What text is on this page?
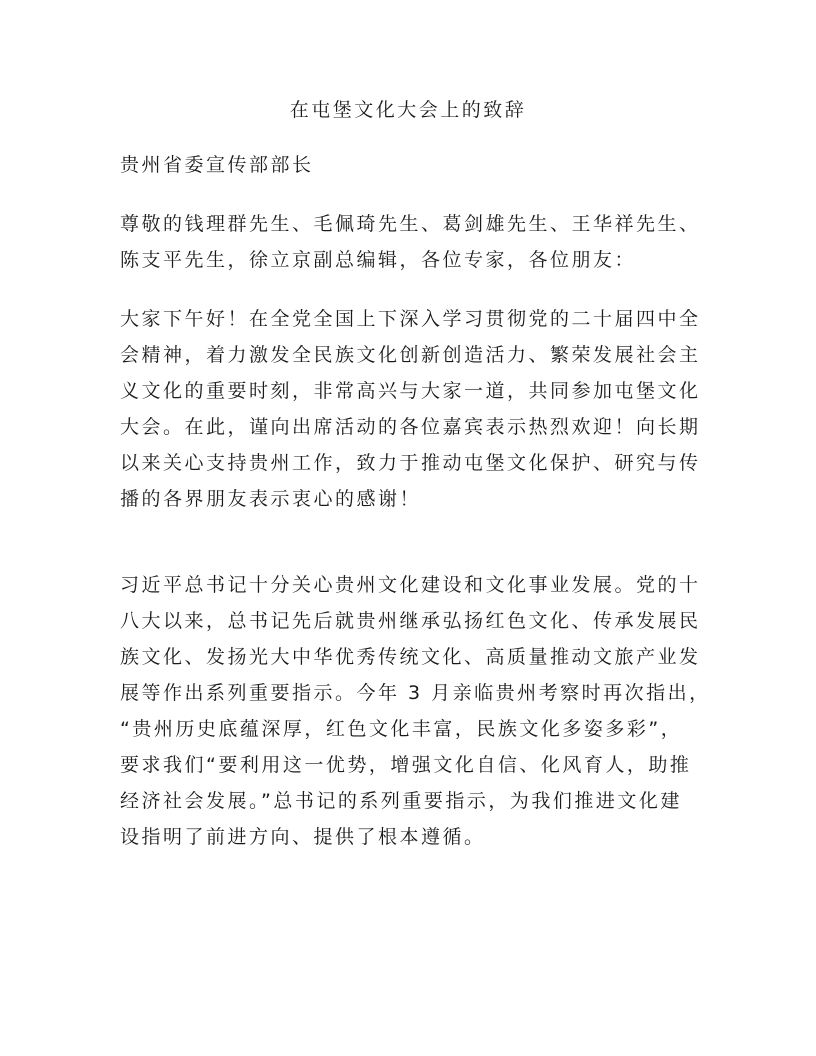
在屯堡文化大会上的致辞

贵州省委宣传部部长

尊敬的钱理群先生、毛佩琦先生、葛剑雄先生、王华祥先生、
陈支平先生，徐立京副总编辑，各位专家，各位朋友：

大家下午好！在全党全国上下深入学习贯彻党的二十届四中全
会精神，着力激发全民族文化创新创造活力、繁荣发展社会主
义文化的重要时刻，非常高兴与大家一道，共同参加屯堡文化
大会。在此，谨向出席活动的各位嘉宾表示热烈欢迎！向长期
以来关心支持贵州工作，致力于推动屯堡文化保护、研究与传
播的各界朋友表示衷心的感谢！

习近平总书记十分关心贵州文化建设和文化事业发展。党的十
八大以来，总书记先后就贵州继承弘扬红色文化、传承发展民
族文化、发扬光大中华优秀传统文化、高质量推动文旅产业发
展等作出系列重要指示。今年 3 月亲临贵州考察时再次指出，
“贵州历史底蕴深厚，红色文化丰富，民族文化多姿多彩”，
要求我们“要利用这一优势，增强文化自信、化风育人，助推
经济社会发展。”总书记的系列重要指示，为我们推进文化建
设指明了前进方向、提供了根本遵循。
